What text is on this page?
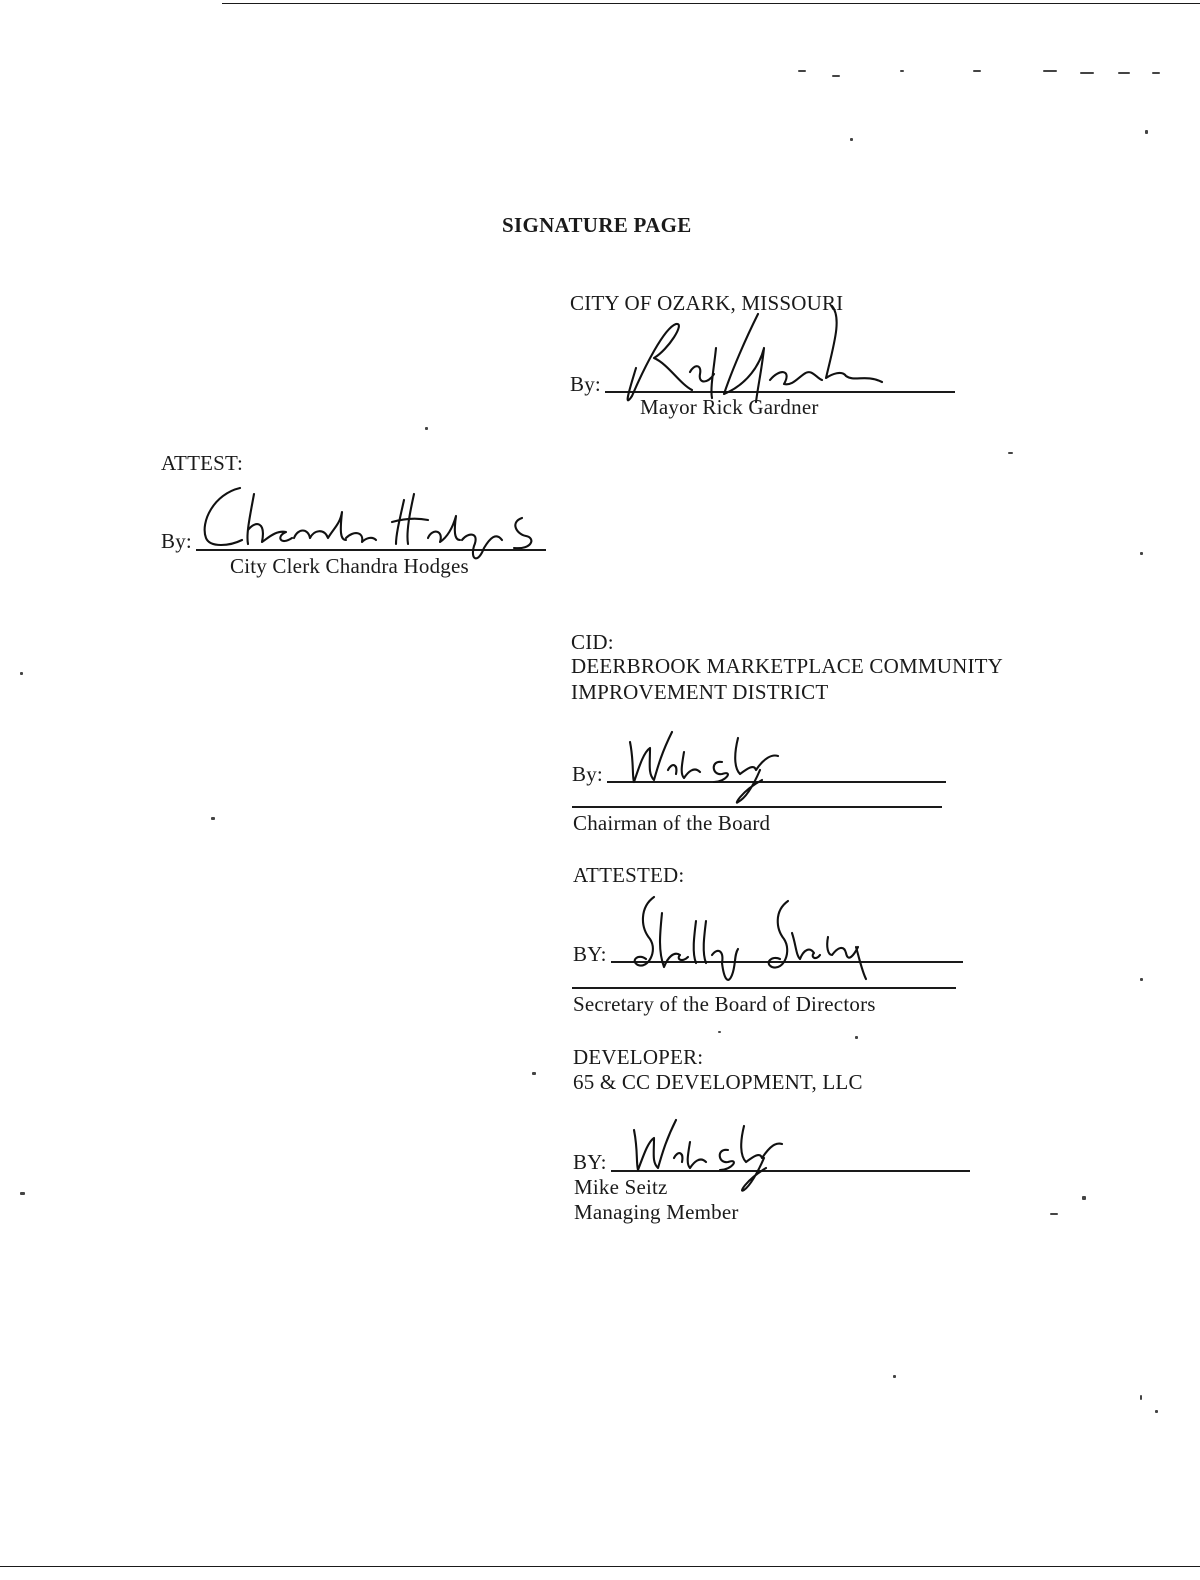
SIGNATURE PAGE
CITY OF OZARK, MISSOURI
By:
Mayor Rick Gardner
ATTEST:
By:
City Clerk Chandra Hodges
CID:
DEERBROOK MARKETPLACE COMMUNITY
IMPROVEMENT DISTRICT
By:
Chairman of the Board
ATTESTED:
BY:
Secretary of the Board of Directors
DEVELOPER:
65 & CC DEVELOPMENT, LLC
BY:
Mike Seitz
Managing Member
